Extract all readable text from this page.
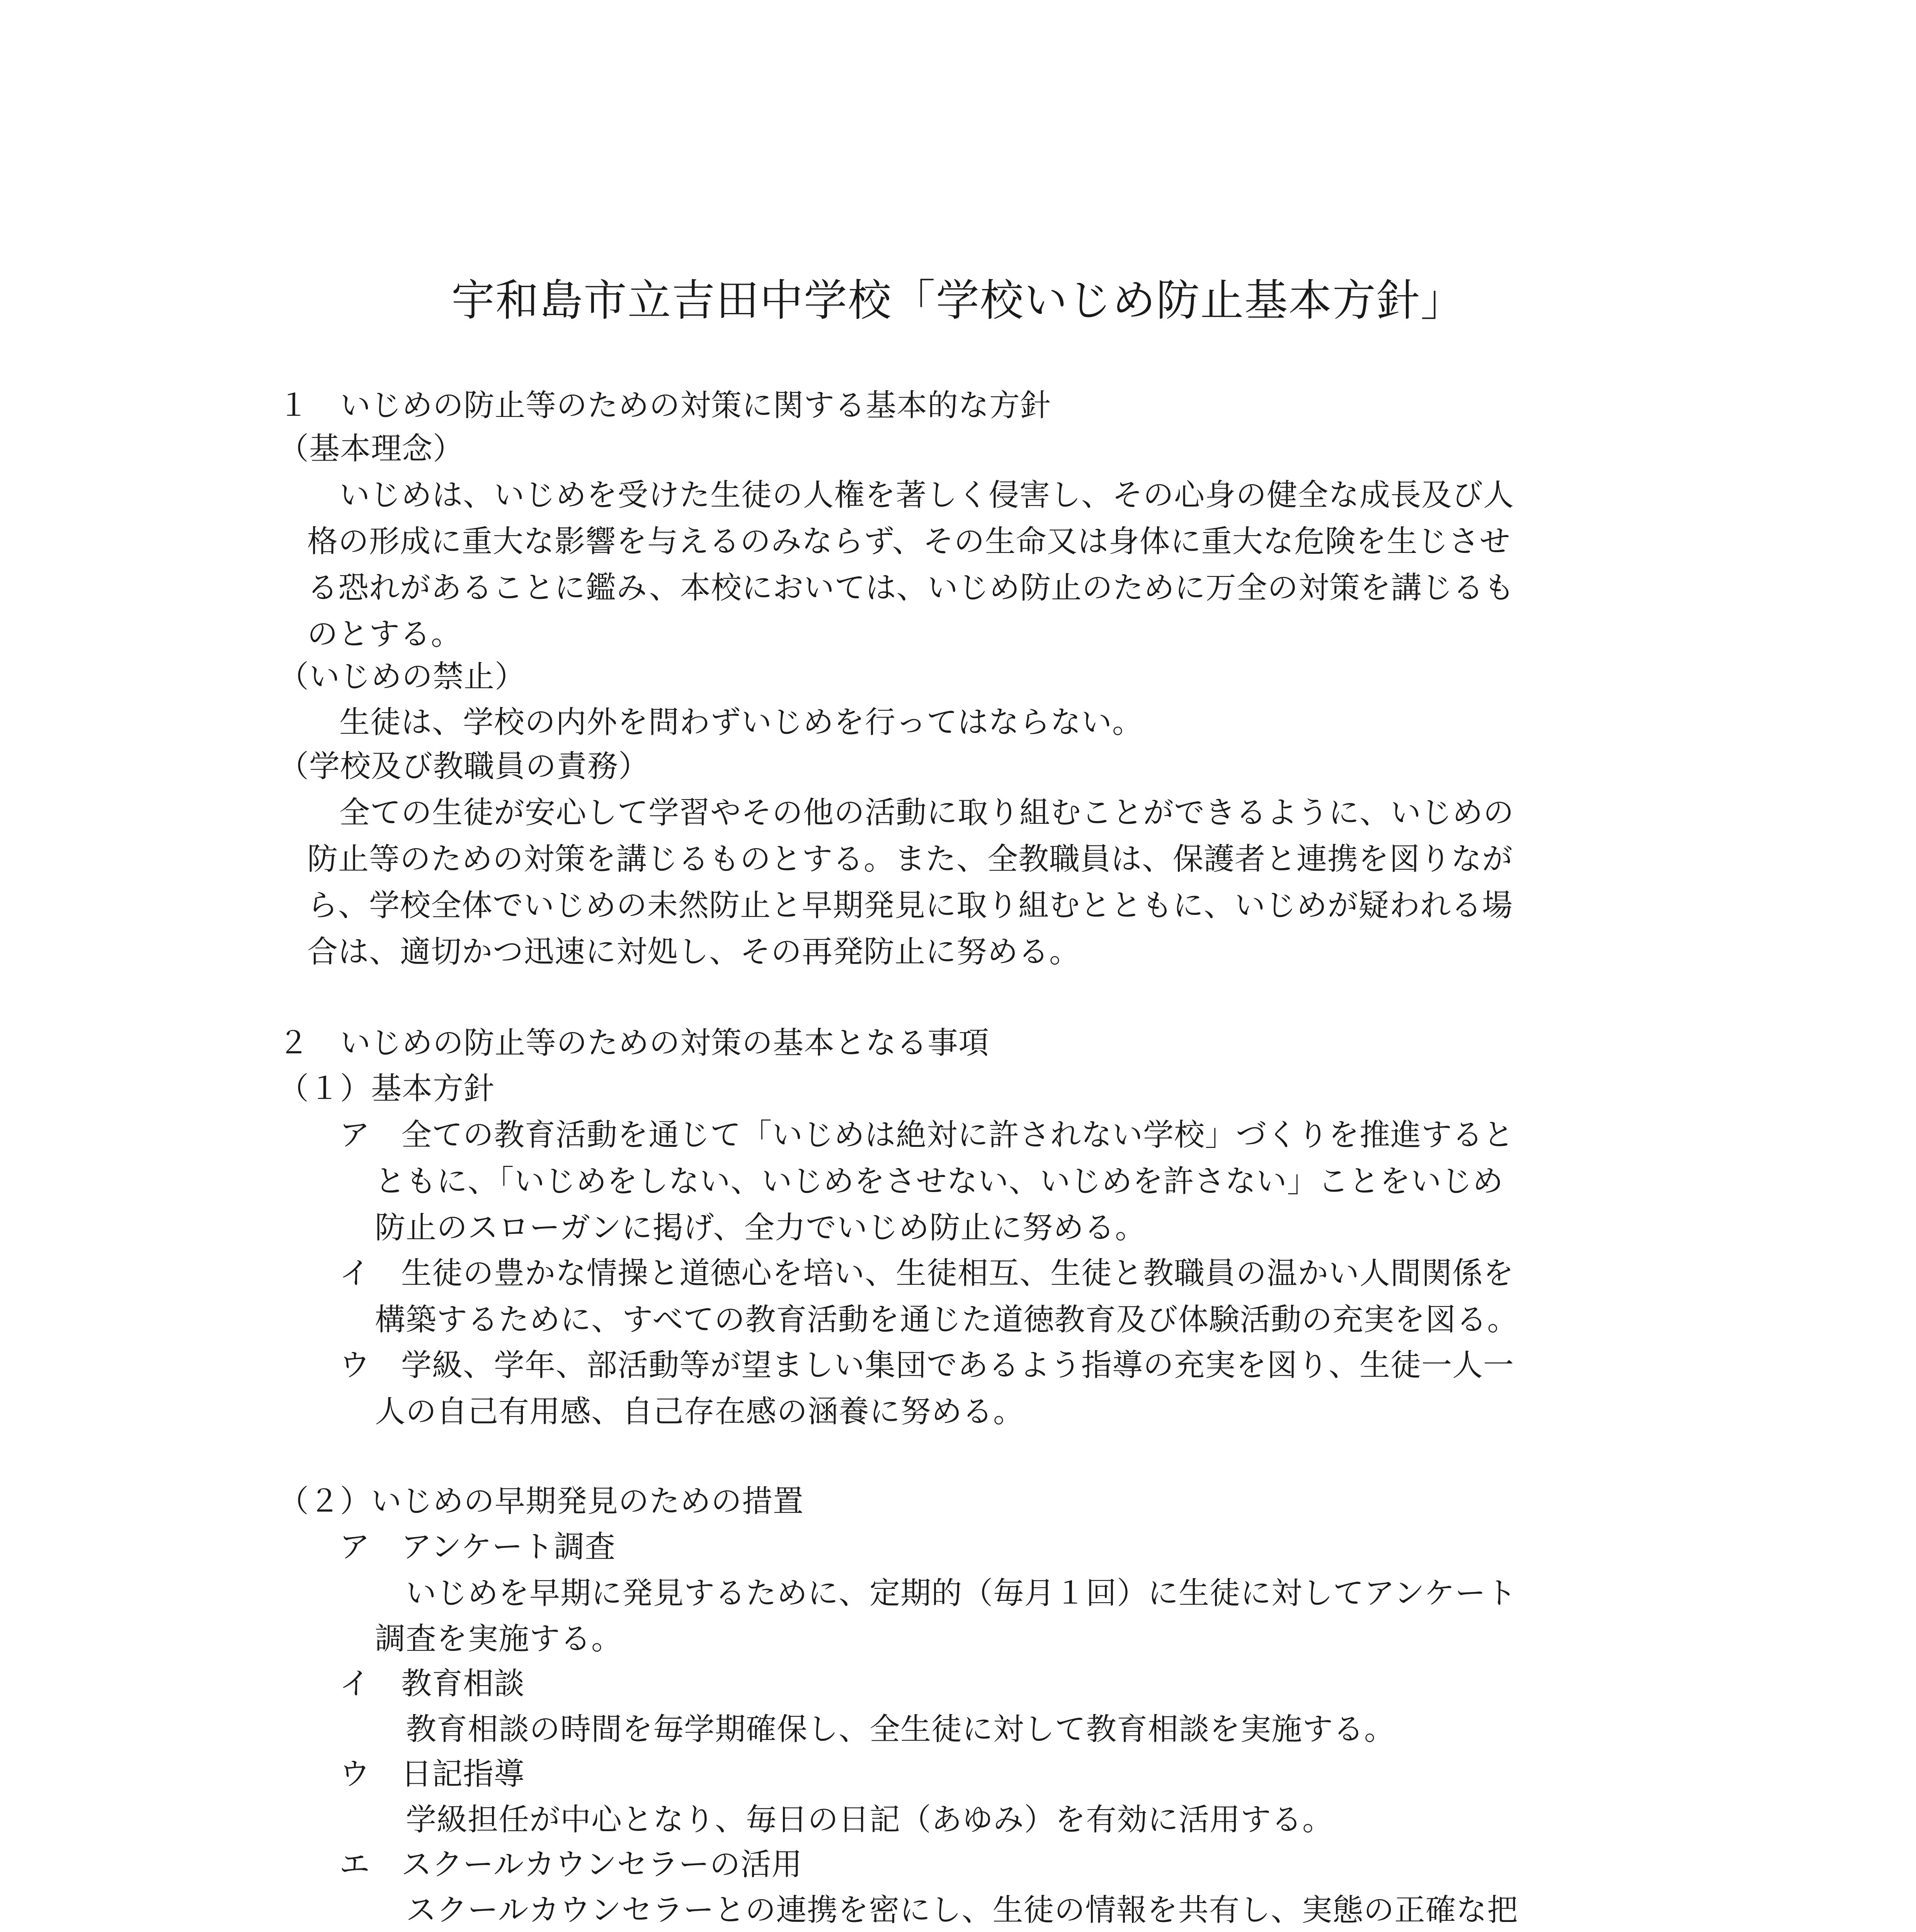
宇和島市立吉田中学校「学校いじめ防止基本方針」
１　いじめの防止等のための対策に関する基本的な方針
（基本理念）
いじめは、いじめを受けた生徒の人権を著しく侵害し、その心身の健全な成長及び人
格の形成に重大な影響を与えるのみならず、その生命又は身体に重大な危険を生じさせ
る恐れがあることに鑑み、本校においては、いじめ防止のために万全の対策を講じるも
のとする。
（いじめの禁止）
生徒は、学校の内外を問わずいじめを行ってはならない。
（学校及び教職員の責務）
全ての生徒が安心して学習やその他の活動に取り組むことができるように、いじめの
防止等のための対策を講じるものとする。また、全教職員は、保護者と連携を図りなが
ら、学校全体でいじめの未然防止と早期発見に取り組むとともに、いじめが疑われる場
合は、適切かつ迅速に対処し、その再発防止に努める。
２　いじめの防止等のための対策の基本となる事項
（１）基本方針
ア　全ての教育活動を通じて「いじめは絶対に許されない学校」づくりを推進すると
ともに、「いじめをしない、いじめをさせない、いじめを許さない」ことをいじめ
防止のスローガンに掲げ、全力でいじめ防止に努める。
イ　生徒の豊かな情操と道徳心を培い、生徒相互、生徒と教職員の温かい人間関係を
構築するために、すべての教育活動を通じた道徳教育及び体験活動の充実を図る。
ウ　学級、学年、部活動等が望ましい集団であるよう指導の充実を図り、生徒一人一
人の自己有用感、自己存在感の涵養に努める。
（２）いじめの早期発見のための措置
ア　アンケート調査
いじめを早期に発見するために、定期的（毎月１回）に生徒に対してアンケート
調査を実施する。
イ　教育相談
教育相談の時間を毎学期確保し、全生徒に対して教育相談を実施する。
ウ　日記指導
学級担任が中心となり、毎日の日記（あゆみ）を有効に活用する。
エ　スクールカウンセラーの活用
スクールカウンセラーとの連携を密にし、生徒の情報を共有し、実態の正確な把
